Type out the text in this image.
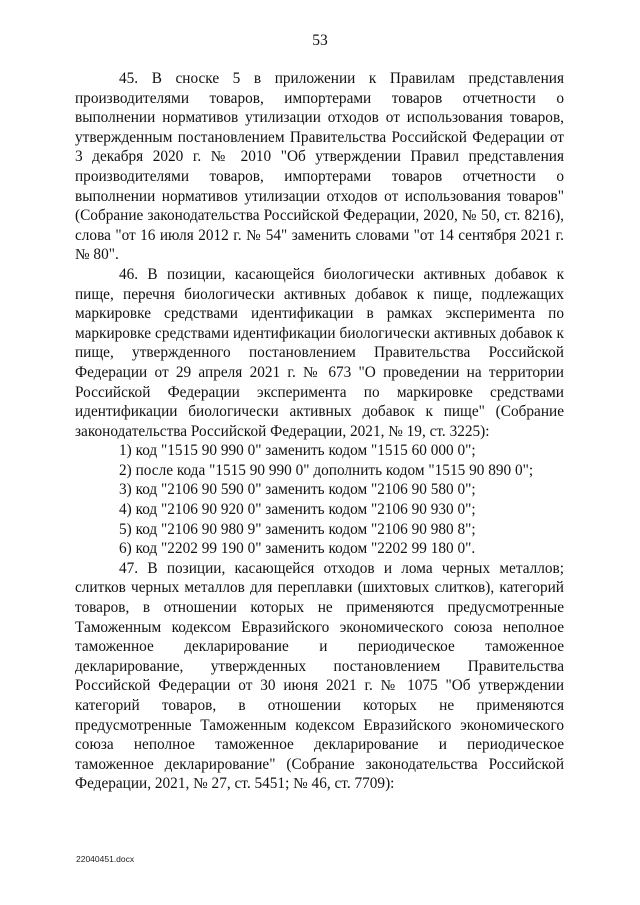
53

45. В сноске 5 в приложении к Правилам представления производителями товаров, импортерами товаров отчетности о выполнении нормативов утилизации отходов от использования товаров, утвержденным постановлением Правительства Российской Федерации от 3 декабря 2020 г. № 2010 "Об утверждении Правил представления производителями товаров, импортерами товаров отчетности о выполнении нормативов утилизации отходов от использования товаров" (Собрание законодательства Российской Федерации, 2020, № 50, ст. 8216), слова "от 16 июля 2012 г. № 54" заменить словами "от 14 сентября 2021 г. № 80".

46. В позиции, касающейся биологически активных добавок к пище, перечня биологически активных добавок к пище, подлежащих маркировке средствами идентификации в рамках эксперимента по маркировке средствами идентификации биологически активных добавок к пище, утвержденного постановлением Правительства Российской Федерации от 29 апреля 2021 г. № 673 "О проведении на территории Российской Федерации эксперимента по маркировке средствами идентификации биологически активных добавок к пище" (Собрание законодательства Российской Федерации, 2021, № 19, ст. 3225):

1) код "1515 90 990 0" заменить кодом "1515 60 000 0";

2) после кода "1515 90 990 0" дополнить кодом "1515 90 890 0";

3) код "2106 90 590 0" заменить кодом "2106 90 580 0";

4) код "2106 90 920 0" заменить кодом "2106 90 930 0";

5) код "2106 90 980 9" заменить кодом "2106 90 980 8";

6) код "2202 99 190 0" заменить кодом "2202 99 180 0".

47. В позиции, касающейся отходов и лома черных металлов; слитков черных металлов для переплавки (шихтовых слитков), категорий товаров, в отношении которых не применяются предусмотренные Таможенным кодексом Евразийского экономического союза неполное таможенное декларирование и периодическое таможенное декларирование, утвержденных постановлением Правительства Российской Федерации от 30 июня 2021 г. № 1075 "Об утверждении категорий товаров, в отношении которых не применяются предусмотренные Таможенным кодексом Евразийского экономического союза неполное таможенное декларирование и периодическое таможенное декларирование" (Собрание законодательства Российской Федерации, 2021, № 27, ст. 5451; № 46, ст. 7709):

22040451.docx
